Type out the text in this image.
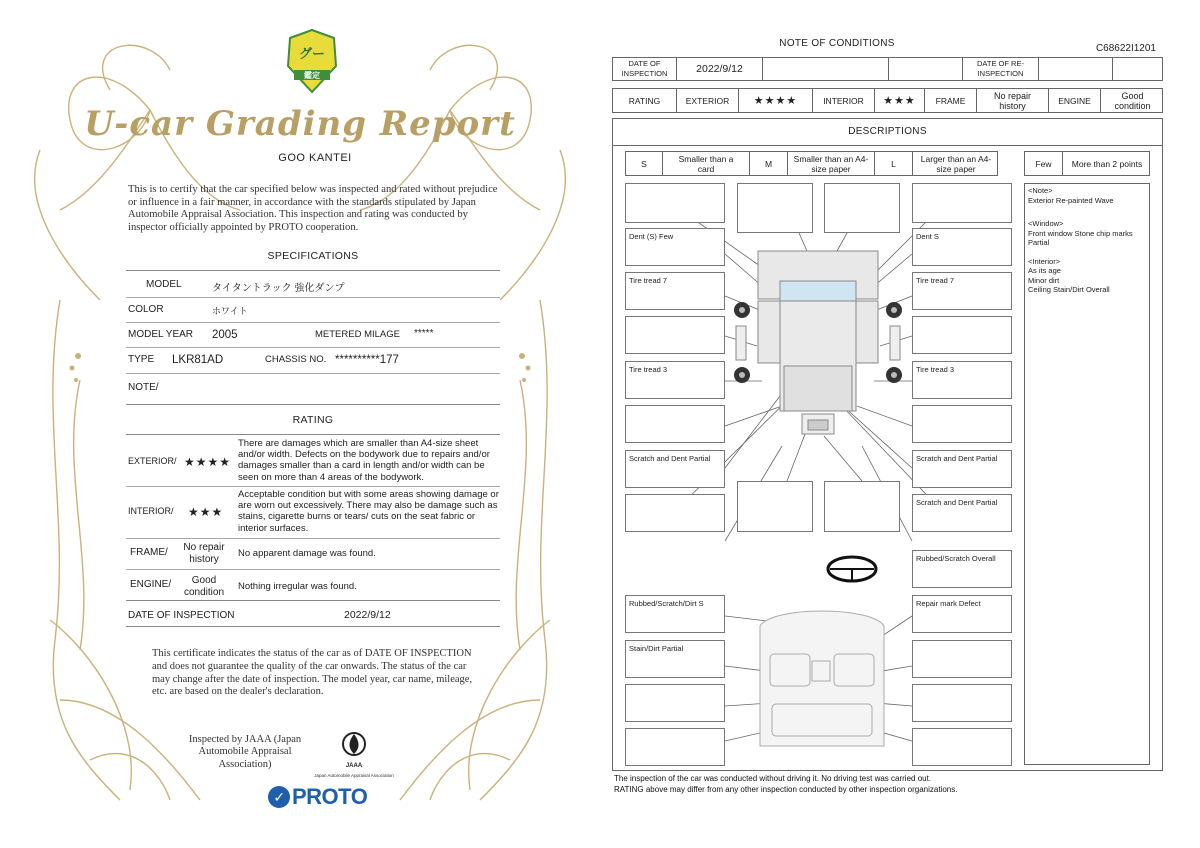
グー
鑑定
U-car Grading Report
GOO KANTEI
This is to certify that the car specified below was inspected and rated without prejudice or influence in a fair manner, in accordance with the standards stipulated by Japan Automobile Appraisal Association. This inspection and rating was conducted by inspector officially appointed by PROTO cooperation.
SPECIFICATIONS
MODEL	タイタントラック 強化ダンプ
COLOR	ホワイト
MODEL YEAR 2005	METERED MILAGE *****
TYPE LKR81AD	CHASSIS NO. **********177
NOTE/
RATING
EXTERIOR/ ★★★★
There are damages which are smaller than A4-size sheet and/or width. Defects on the bodywork due to repairs and/or damages smaller than a card in length and/or width can be seen on more than 4 areas of the bodywork.
INTERIOR/ ★★★
Acceptable condition but with some areas showing damage or are worn out excessively. There may also be damage such as stains, cigarette burns or tears/ cuts on the seat fabric or interior surfaces.
FRAME/	No repair history
No apparent damage was found.
ENGINE/	Good condition
Nothing irregular was found.
DATE OF INSPECTION	2022/9/12
This certificate indicates the status of the car as of DATE OF INSPECTION and does not guarantee the quality of the car onwards. The status of the car may change after the date of inspection. The model year, car name, mileage, etc. are based on the dealer's declaration.
Inspected by JAAA (Japan Automobile Appraisal Association)	JAAA
Japan Automobile Appraisal Association
✓ PROTO
NOTE OF CONDITIONS	C68622I1201
DATE OF INSPECTION	2022/9/12	DATE OF RE-INSPECTION
RATING	EXTERIOR	★★★★	INTERIOR	★★★	FRAME	No repair history	ENGINE	Good condition
DESCRIPTIONS
S	Smaller than a card	M	Smaller than an A4-size paper	L	Larger than an A4-size paper	Few	More than 2 points
Dent (S) Few
Tire tread 7
Tire tread 3
Scratch and Dent Partial
Dent S
Tire tread 7
Tire tread 3
Scratch and Dent Partial
Scratch and Dent Partial
Rubbed/Scratch Overall
Rubbed/Scratch/Dirt S	Repair mark Defect
Stain/Dirt Partial
<Note>
Exterior Re-painted Wave
<Window>
Front window Stone chip marks Partial
<Interior>
As its age
Minor dirt
Ceiling Stain/Dirt Overall
The inspection of the car was conducted without driving it. No driving test was carried out.
RATING above may differ from any other inspection conducted by other inspection organizations.
